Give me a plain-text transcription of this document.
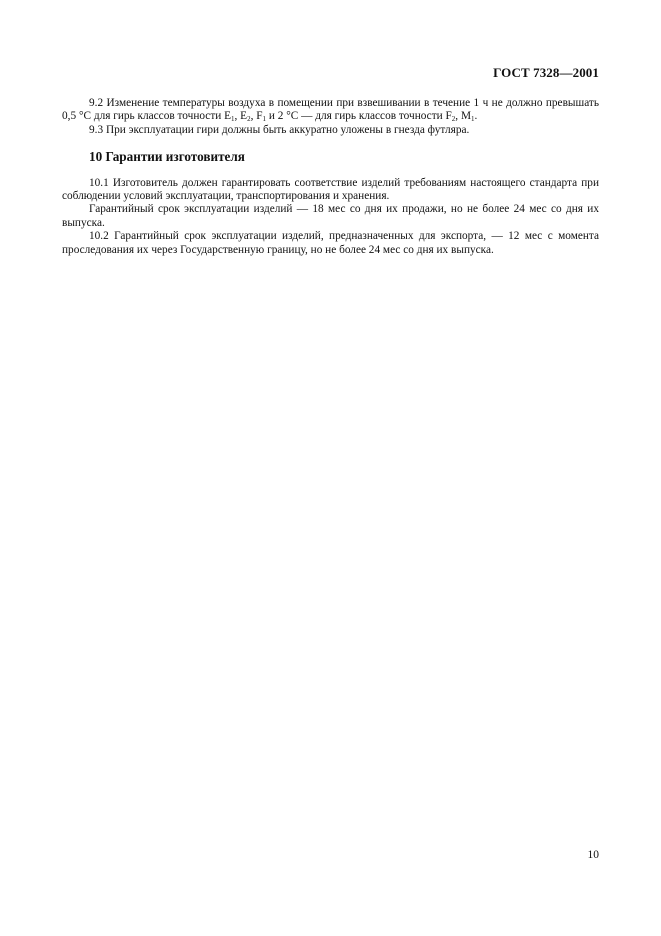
ГОСТ 7328—2001

9.2 Изменение температуры воздуха в помещении при взвешивании в течение 1 ч не должно превышать 0,5 °С для гирь классов точности $Е_1$, $Е_2$, $F_1$ и 2 °С — для гирь классов точности $F_2$, $М_1$.

9.3 При эксплуатации гири должны быть аккуратно уложены в гнезда футляра.

10 Гарантии изготовителя

10.1 Изготовитель должен гарантировать соответствие изделий требованиям настоящего стандарта при соблюдении условий эксплуатации, транспортирования и хранения.

Гарантийный срок эксплуатации изделий — 18 мес со дня их продажи, но не более 24 мес со дня их выпуска.

10.2 Гарантийный срок эксплуатации изделий, предназначенных для экспорта, — 12 мес с момента проследования их через Государственную границу, но не более 24 мес со дня их выпуска.

10
